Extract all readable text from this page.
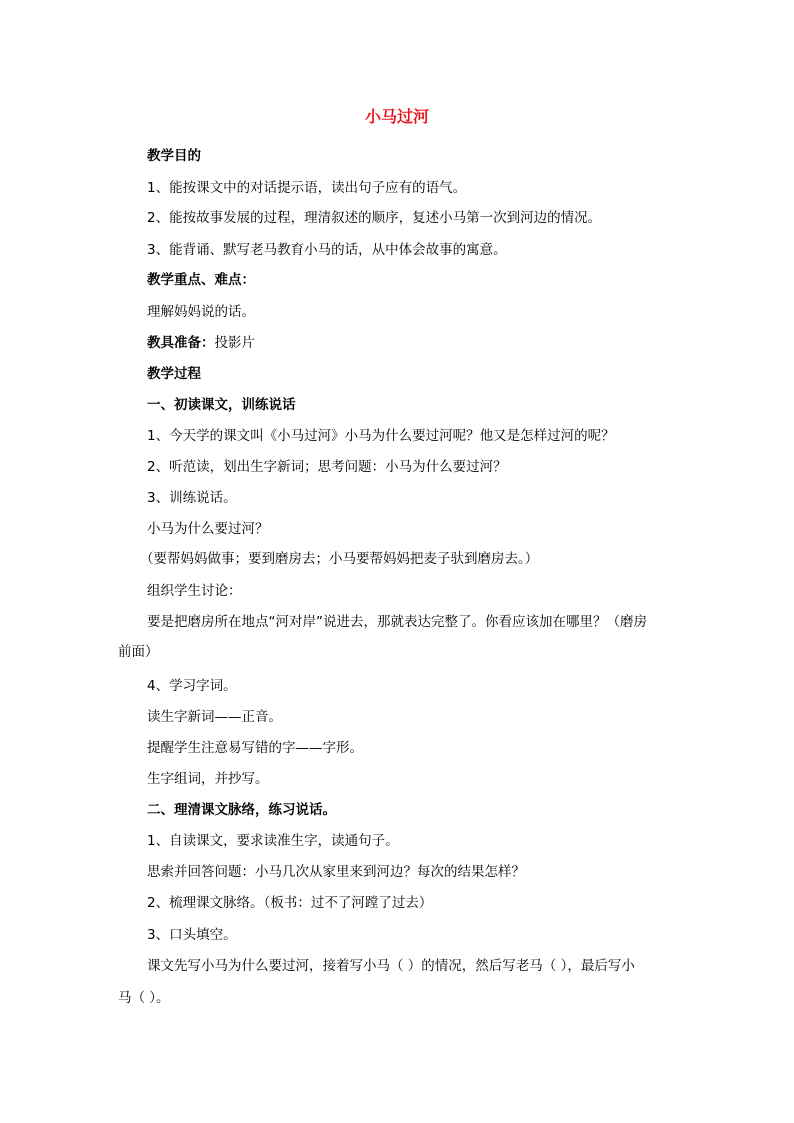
小马过河
教学目的
1、能按课文中的对话提示语，读出句子应有的语气。
2、能按故事发展的过程，理清叙述的顺序，复述小马第一次到河边的情况。
3、能背诵、默写老马教育小马的话，从中体会故事的寓意。
教学重点、难点：
理解妈妈说的话。
教具准备：投影片
教学过程
一、初读课文，训练说话
1、今天学的课文叫《小马过河》小马为什么要过河呢？他又是怎样过河的呢？
2、听范读，划出生字新词；思考问题：小马为什么要过河？
3、训练说话。
小马为什么要过河？
（要帮妈妈做事；要到磨房去；小马要帮妈妈把麦子驮到磨房去。）
组织学生讨论：
要是把磨房所在地点“河对岸”说进去，那就表达完整了。你看应该加在哪里？（磨房
前面）
4、学习字词。
读生字新词——正音。
提醒学生注意易写错的字——字形。
生字组词，并抄写。
二、理清课文脉络，练习说话。
1、自读课文，要求读准生字，读通句子。
思索并回答问题：小马几次从家里来到河边？每次的结果怎样？
2、梳理课文脉络。（板书：过不了河蹚了过去）
3、口头填空。
课文先写小马为什么要过河，接着写小马（ ）的情况，然后写老马（ ），最后写小
马（ ）。
